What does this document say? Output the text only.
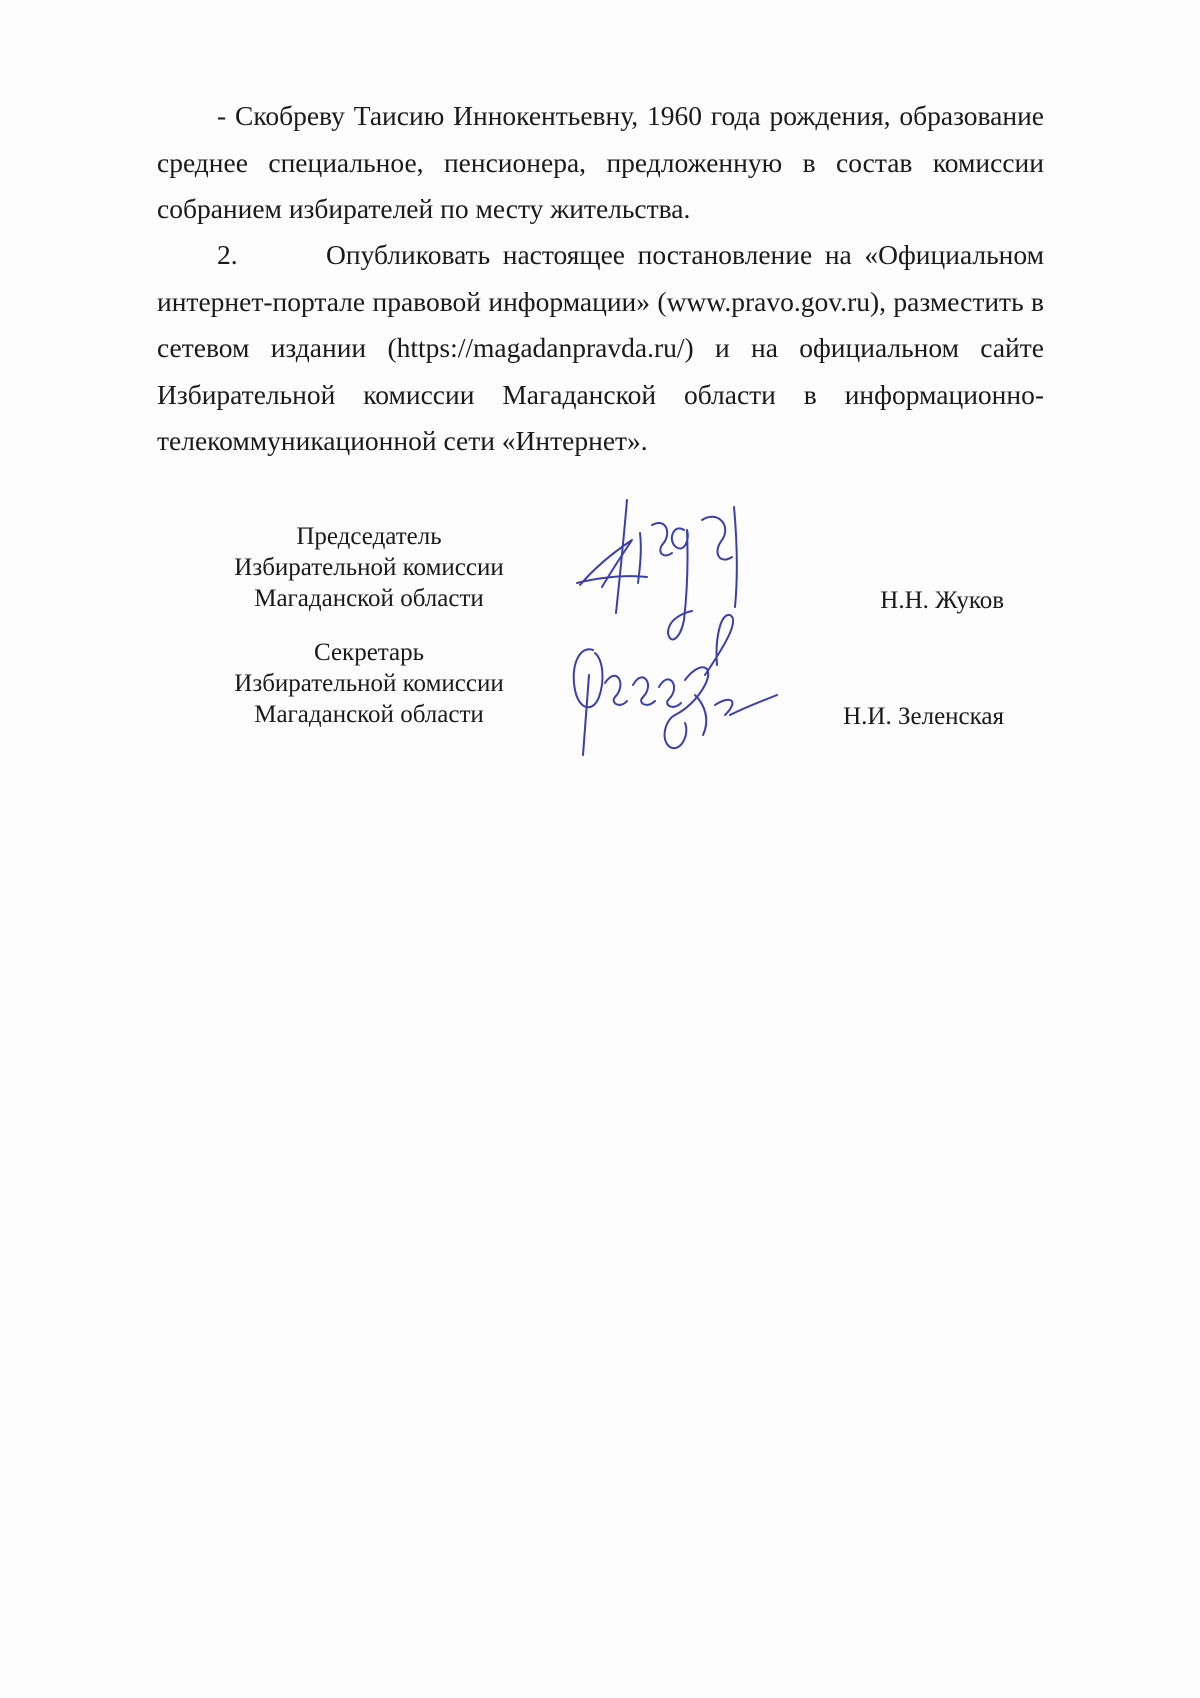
- Скобреву Таисию Иннокентьевну, 1960 года рождения, образование среднее специальное, пенсионера, предложенную в состав комиссии собранием избирателей по месту жительства.

2.	Опубликовать настоящее постановление на «Официальном интернет-портале правовой информации» (www.pravo.gov.ru), разместить в сетевом издании (https://magadanpravda.ru/) и на официальном сайте Избирательной комиссии Магаданской области в информационно-телекоммуникационной сети «Интернет».

Председатель
Избирательной комиссии
Магаданской области	Н.Н. Жуков
Секретарь
Избирательной комиссии
Магаданской области	Н.И. Зеленская
